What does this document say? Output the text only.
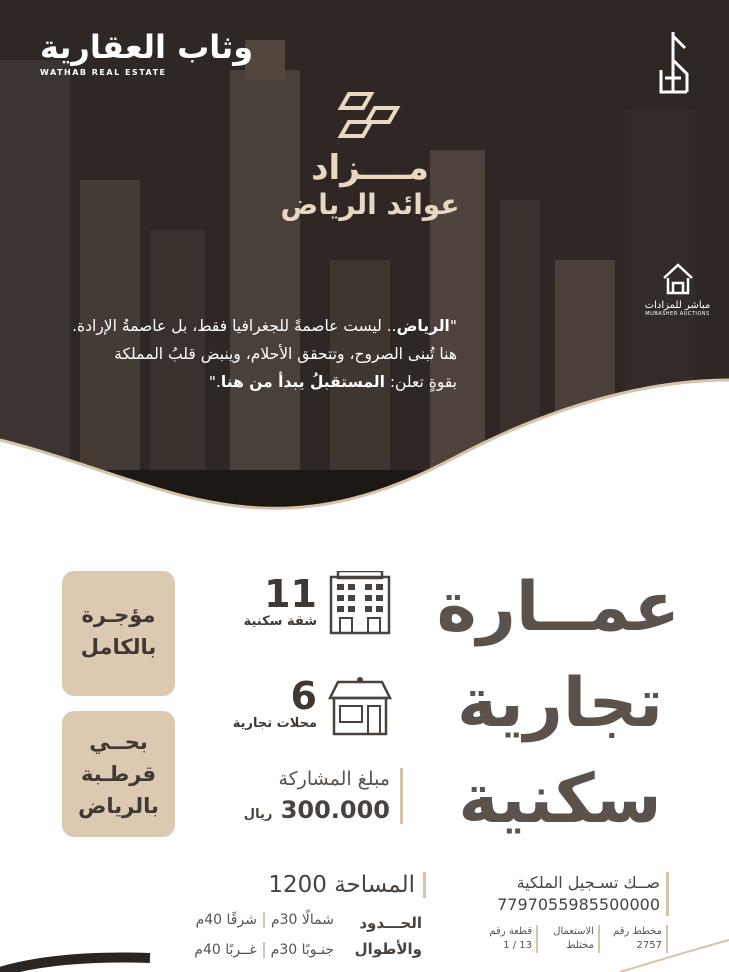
وثاب العقارية
WATHAB REAL ESTATE
مــــزاد
عوائد الرياض
مباشر للمزادات
MUBASHER AUCTIONS
"الرياض.. ليست عاصمةً للجغرافيا فقط، بل عاصمةُ الإرادة.
هنا تُبنى الصروح، وتتحقق الأحلام، وينبض قلبُ المملكة
بقوةٍ تعلن: المستقبلُ يبدأ من هنا."
عمــارة
تجارية
سكنية
مؤجـرة
بالكامل
بحــي
قرطـبة
بالرياض
11
شقة سكنية
6
محلات تجارية
مبلغ المشاركة
300.000 ريال
المساحة 1200
الحـــدود
والأطوال
شمالًا 30مشرقًا 40م
جنـوبًا 30مغــربًا 40م
صــك تسـجيل الملكية
7797055985500000
مخطط رقم
2757
الاستعمال
مختلط
قطعة رقم
13 / 1
